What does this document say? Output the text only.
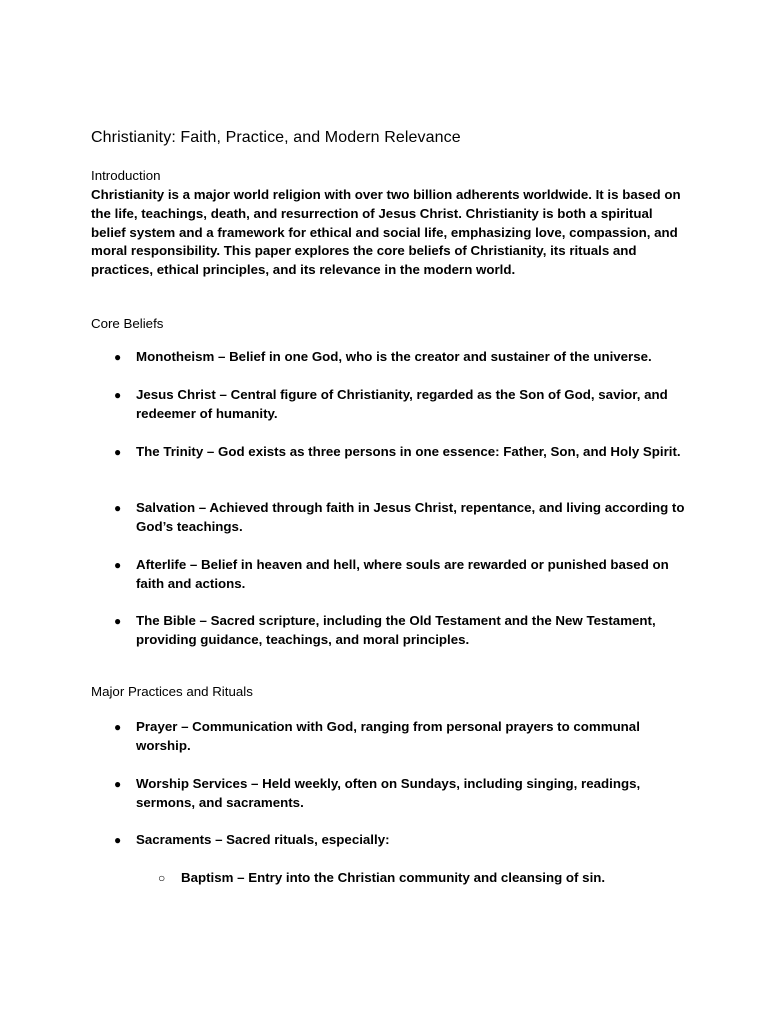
Christianity: Faith, Practice, and Modern Relevance
Introduction

Christianity is a major world religion with over two billion adherents worldwide. It is based on the life, teachings, death, and resurrection of Jesus Christ. Christianity is both a spiritual belief system and a framework for ethical and social life, emphasizing love, compassion, and moral responsibility. This paper explores the core beliefs of Christianity, its rituals and practices, ethical principles, and its relevance in the modern world.

Core Beliefs
●	Monotheism – Belief in one God, who is the creator and sustainer of the universe.
●	Jesus Christ – Central figure of Christianity, regarded as the Son of God, savior, and redeemer of humanity.
●	The Trinity – God exists as three persons in one essence: Father, Son, and Holy Spirit.
●	Salvation – Achieved through faith in Jesus Christ, repentance, and living according to God’s teachings.
●	Afterlife – Belief in heaven and hell, where souls are rewarded or punished based on faith and actions.
●	The Bible – Sacred scripture, including the Old Testament and the New Testament, providing guidance, teachings, and moral principles.
Major Practices and Rituals
●	Prayer – Communication with God, ranging from personal prayers to communal worship.
●	Worship Services – Held weekly, often on Sundays, including singing, readings, sermons, and sacraments.
●	Sacraments – Sacred rituals, especially:
○ Baptism – Entry into the Christian community and cleansing of sin.
